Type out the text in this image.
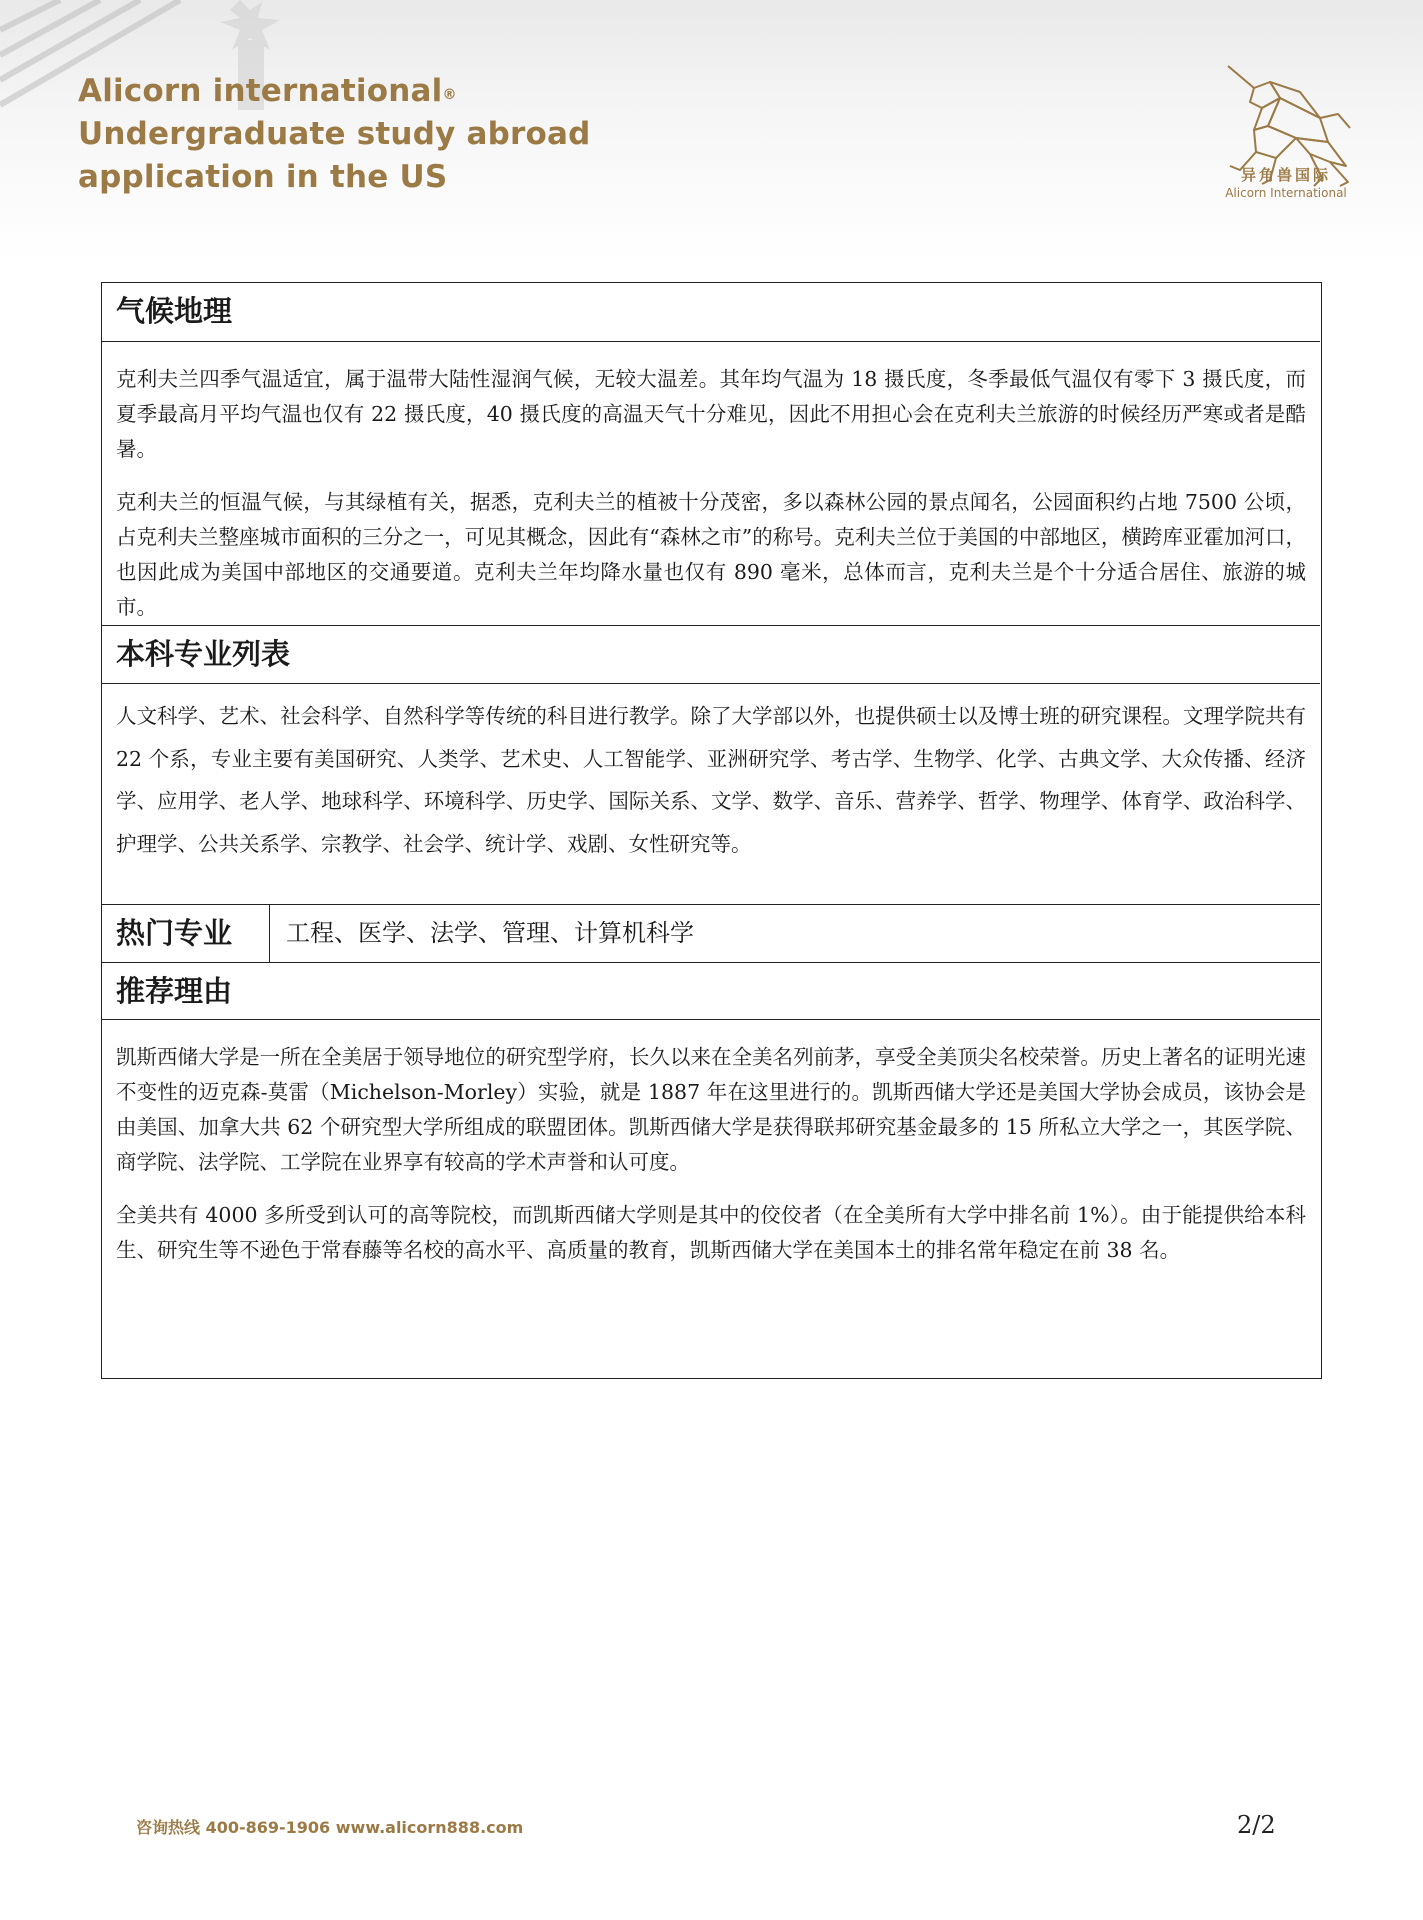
Alicorn international®
Undergraduate study abroad
application in the US	异角兽国际
Alicorn International
气候地理

克利夫兰四季气温适宜，属于温带大陆性湿润气候，无较大温差。其年均气温为 18 摄氏度，冬季最低气温仅有零下 3 摄氏度，而夏季最高月平均气温也仅有 22 摄氏度，40 摄氏度的高温天气十分难见，因此不用担心会在克利夫兰旅游的时候经历严寒或者是酷暑。

克利夫兰的恒温气候，与其绿植有关，据悉，克利夫兰的植被十分茂密，多以森林公园的景点闻名，公园面积约占地 7500 公顷，占克利夫兰整座城市面积的三分之一，可见其概念，因此有“森林之市”的称号。克利夫兰位于美国的中部地区，横跨库亚霍加河口，也因此成为美国中部地区的交通要道。克利夫兰年均降水量也仅有 890 毫米，总体而言，克利夫兰是个十分适合居住、旅游的城市。

本科专业列表

人文科学、艺术、社会科学、自然科学等传统的科目进行教学。除了大学部以外，也提供硕士以及博士班的研究课程。文理学院共有 22 个系，专业主要有美国研究、人类学、艺术史、人工智能学、亚洲研究学、考古学、生物学、化学、古典文学、大众传播、经济学、应用学、老人学、地球科学、环境科学、历史学、国际关系、文学、数学、音乐、营养学、哲学、物理学、体育学、政治科学、护理学、公共关系学、宗教学、社会学、统计学、戏剧、女性研究等。

热门专业	工程、医学、法学、管理、计算机科学
推荐理由

凯斯西储大学是一所在全美居于领导地位的研究型学府，长久以来在全美名列前茅，享受全美顶尖名校荣誉。历史上著名的证明光速不变性的迈克森-莫雷（Michelson-Morley）实验，就是 1887 年在这里进行的。凯斯西储大学还是美国大学协会成员，该协会是由美国、加拿大共 62 个研究型大学所组成的联盟团体。凯斯西储大学是获得联邦研究基金最多的 15 所私立大学之一，其医学院、商学院、法学院、工学院在业界享有较高的学术声誉和认可度。

全美共有 4000 多所受到认可的高等院校，而凯斯西储大学则是其中的佼佼者（在全美所有大学中排名前 1%）。由于能提供给本科生、研究生等不逊色于常春藤等名校的高水平、高质量的教育，凯斯西储大学在美国本土的排名常年稳定在前 38 名。

咨询热线 400-869-1906 www.alicorn888.com	2/2
